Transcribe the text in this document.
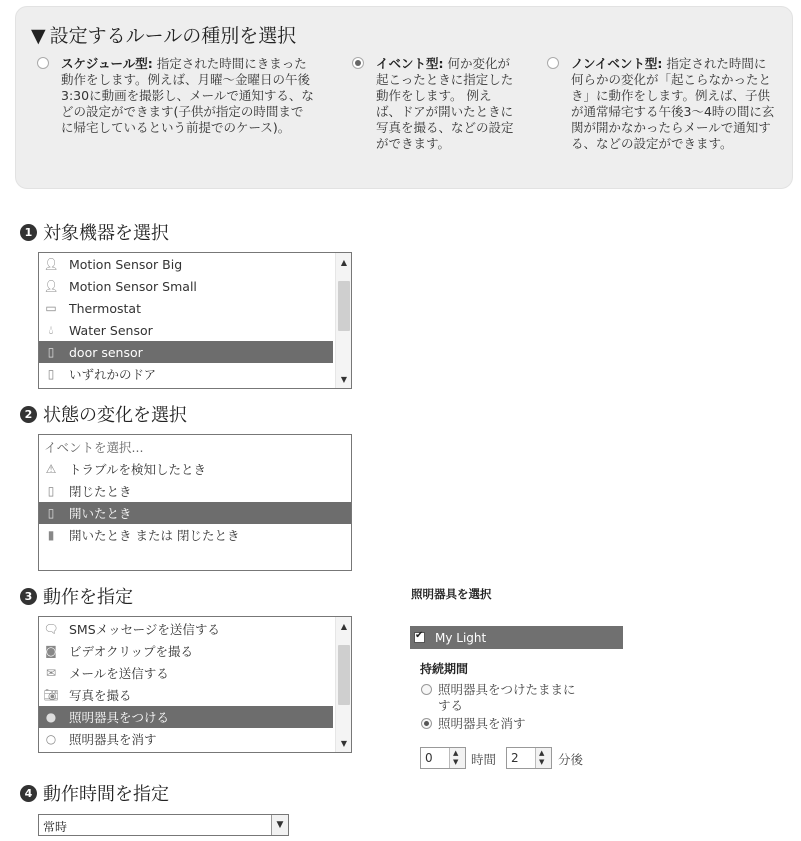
▼ 設定するルールの種別を選択
スケジュール型: 指定された時間にきまった
動作をします。例えば、月曜～金曜日の午後
3:30に動画を撮影し、メールで通知する、な
どの設定ができます(子供が指定の時間まで
に帰宅しているという前提でのケース)。
イベント型: 何か変化が
起こったときに指定した
動作をします。 例え
ば、ドアが開いたときに
写真を撮る、などの設定
ができます。
ノンイベント型: 指定された時間に
何らかの変化が「起こらなかったと
き」に動作をします。例えば、子供
が通常帰宅する午後3～4時の間に玄
関が開かなかったらメールで通知す
る、などの設定ができます。
1 対象機器を選択
👤︎ Motion Sensor Big
👤︎ Motion Sensor Small
▭ Thermostat
💧︎	Water Sensor
▯	door sensor
▯	いずれかのドア
▲
▼
2 状態の変化を選択
イベントを選択...
⚠ トラブルを検知したとき
▯	閉じたとき
▯	開いたとき
▮	開いたとき または 閉じたとき
3 動作を指定
🗨︎ SMSメッセージを送信する
◙ ビデオクリップを撮る
✉ メールを送信する
📷︎ 写真を撮る
● 照明器具をつける
○ 照明器具を消す
▲
▼
照明器具を選択
✔
My Light
持続期間
照明器具をつけたままに
する
照明器具を消す
0	▲
▼ 時間 2	▲
▼ 分後
4 動作時間を指定
常時	▼
